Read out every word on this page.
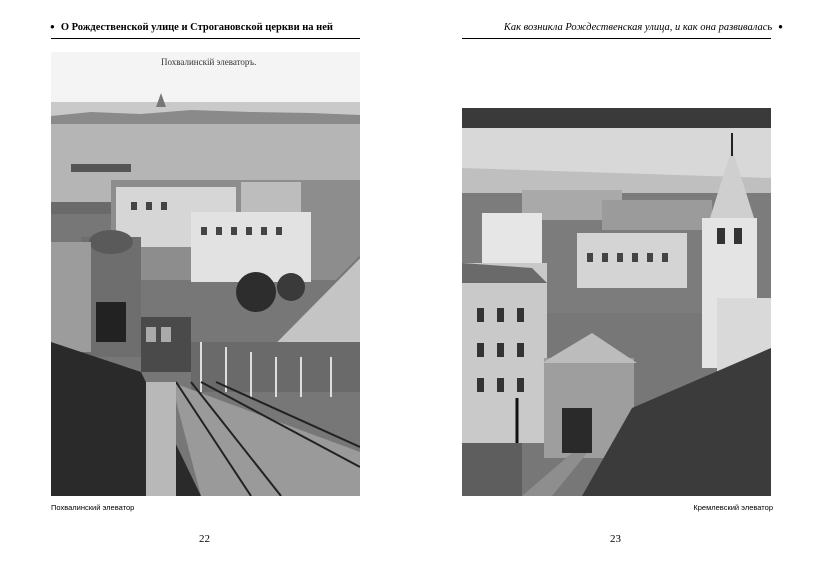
● О Рождественской улице и Строгановской церкви на ней
Похвалинскiй элеваторъ.
Похвалинский элеватор
22
Как возникла Рождественская улица, и как она развивалась ●
Кремлевский элеватор
23
